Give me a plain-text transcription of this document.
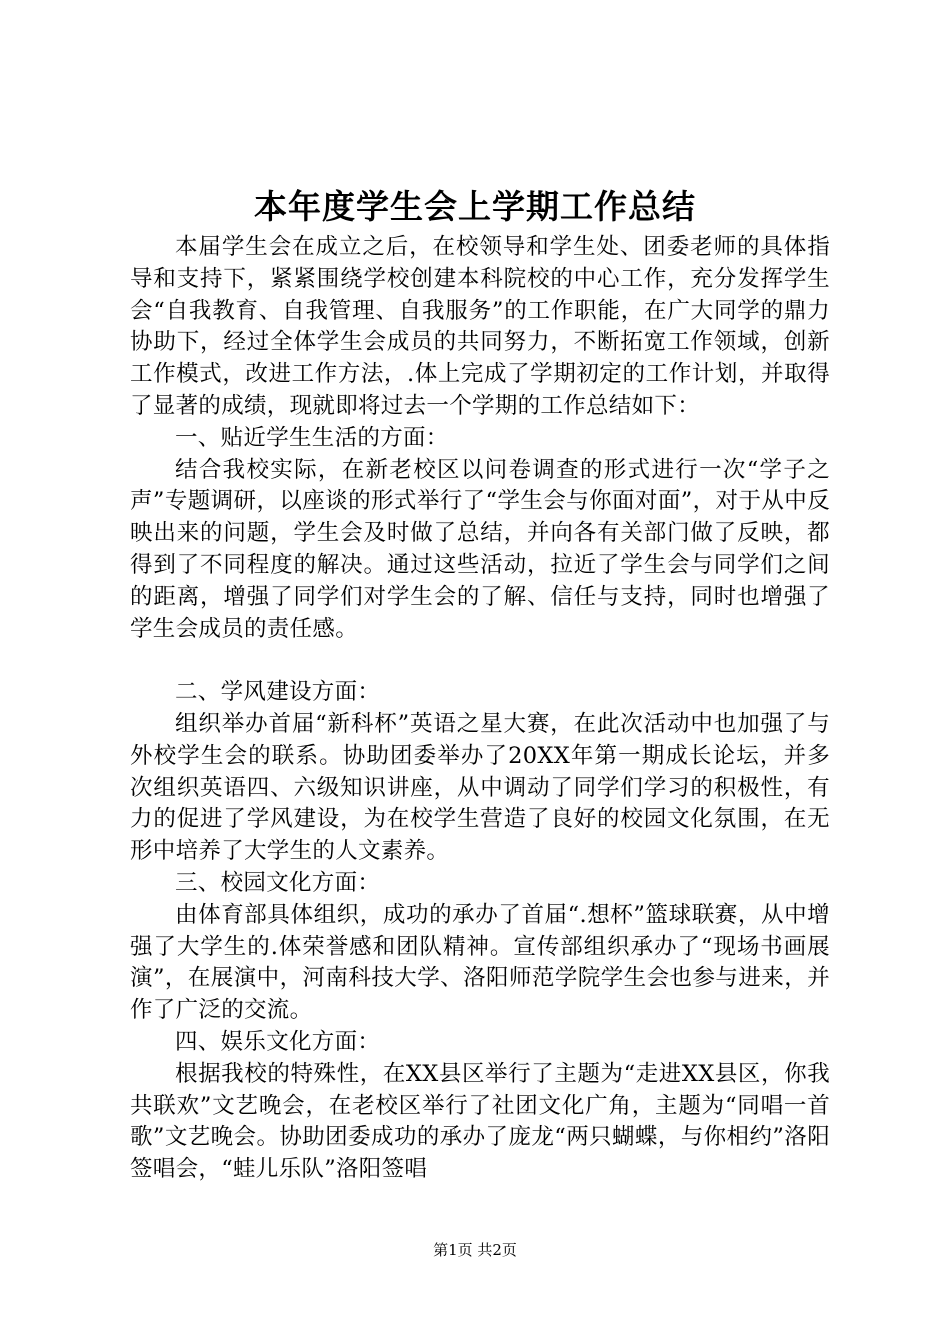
本年度学生会上学期工作总结

本届学生会在成立之后，在校领导和学生处、团委老师的具体指导和支持下，紧紧围绕学校创建本科院校的中心工作，充分发挥学生会“自我教育、自我管理、自我服务”的工作职能，在广大同学的鼎力协助下，经过全体学生会成员的共同努力，不断拓宽工作领域，创新工作模式，改进工作方法，.体上完成了学期初定的工作计划，并取得了显著的成绩，现就即将过去一个学期的工作总结如下：

一、贴近学生生活的方面：

结合我校实际，在新老校区以问卷调查的形式进行一次“学子之声”专题调研，以座谈的形式举行了“学生会与你面对面”，对于从中反映出来的问题，学生会及时做了总结，并向各有关部门做了反映，都得到了不同程度的解决。通过这些活动，拉近了学生会与同学们之间的距离，增强了同学们对学生会的了解、信任与支持，同时也增强了学生会成员的责任感。

二、学风建设方面：

组织举办首届“新科杯”英语之星大赛，在此次活动中也加强了与外校学生会的联系。协助团委举办了20XX年第一期成长论坛，并多次组织英语四、六级知识讲座，从中调动了同学们学习的积极性，有力的促进了学风建设，为在校学生营造了良好的校园文化氛围，在无形中培养了大学生的人文素养。

三、校园文化方面：

由体育部具体组织，成功的承办了首届“.想杯”篮球联赛，从中增强了大学生的.体荣誉感和团队精神。宣传部组织承办了“现场书画展演”，在展演中，河南科技大学、洛阳师范学院学生会也参与进来，并作了广泛的交流。

四、娱乐文化方面：

根据我校的特殊性，在XX县区举行了主题为“走进XX县区，你我共联欢”文艺晚会，在老校区举行了社团文化广角，主题为“同唱一首歌”文艺晚会。协助团委成功的承办了庞龙“两只蝴蝶，与你相约”洛阳签唱会，“蛙儿乐队”洛阳签唱

第1页 共2页
